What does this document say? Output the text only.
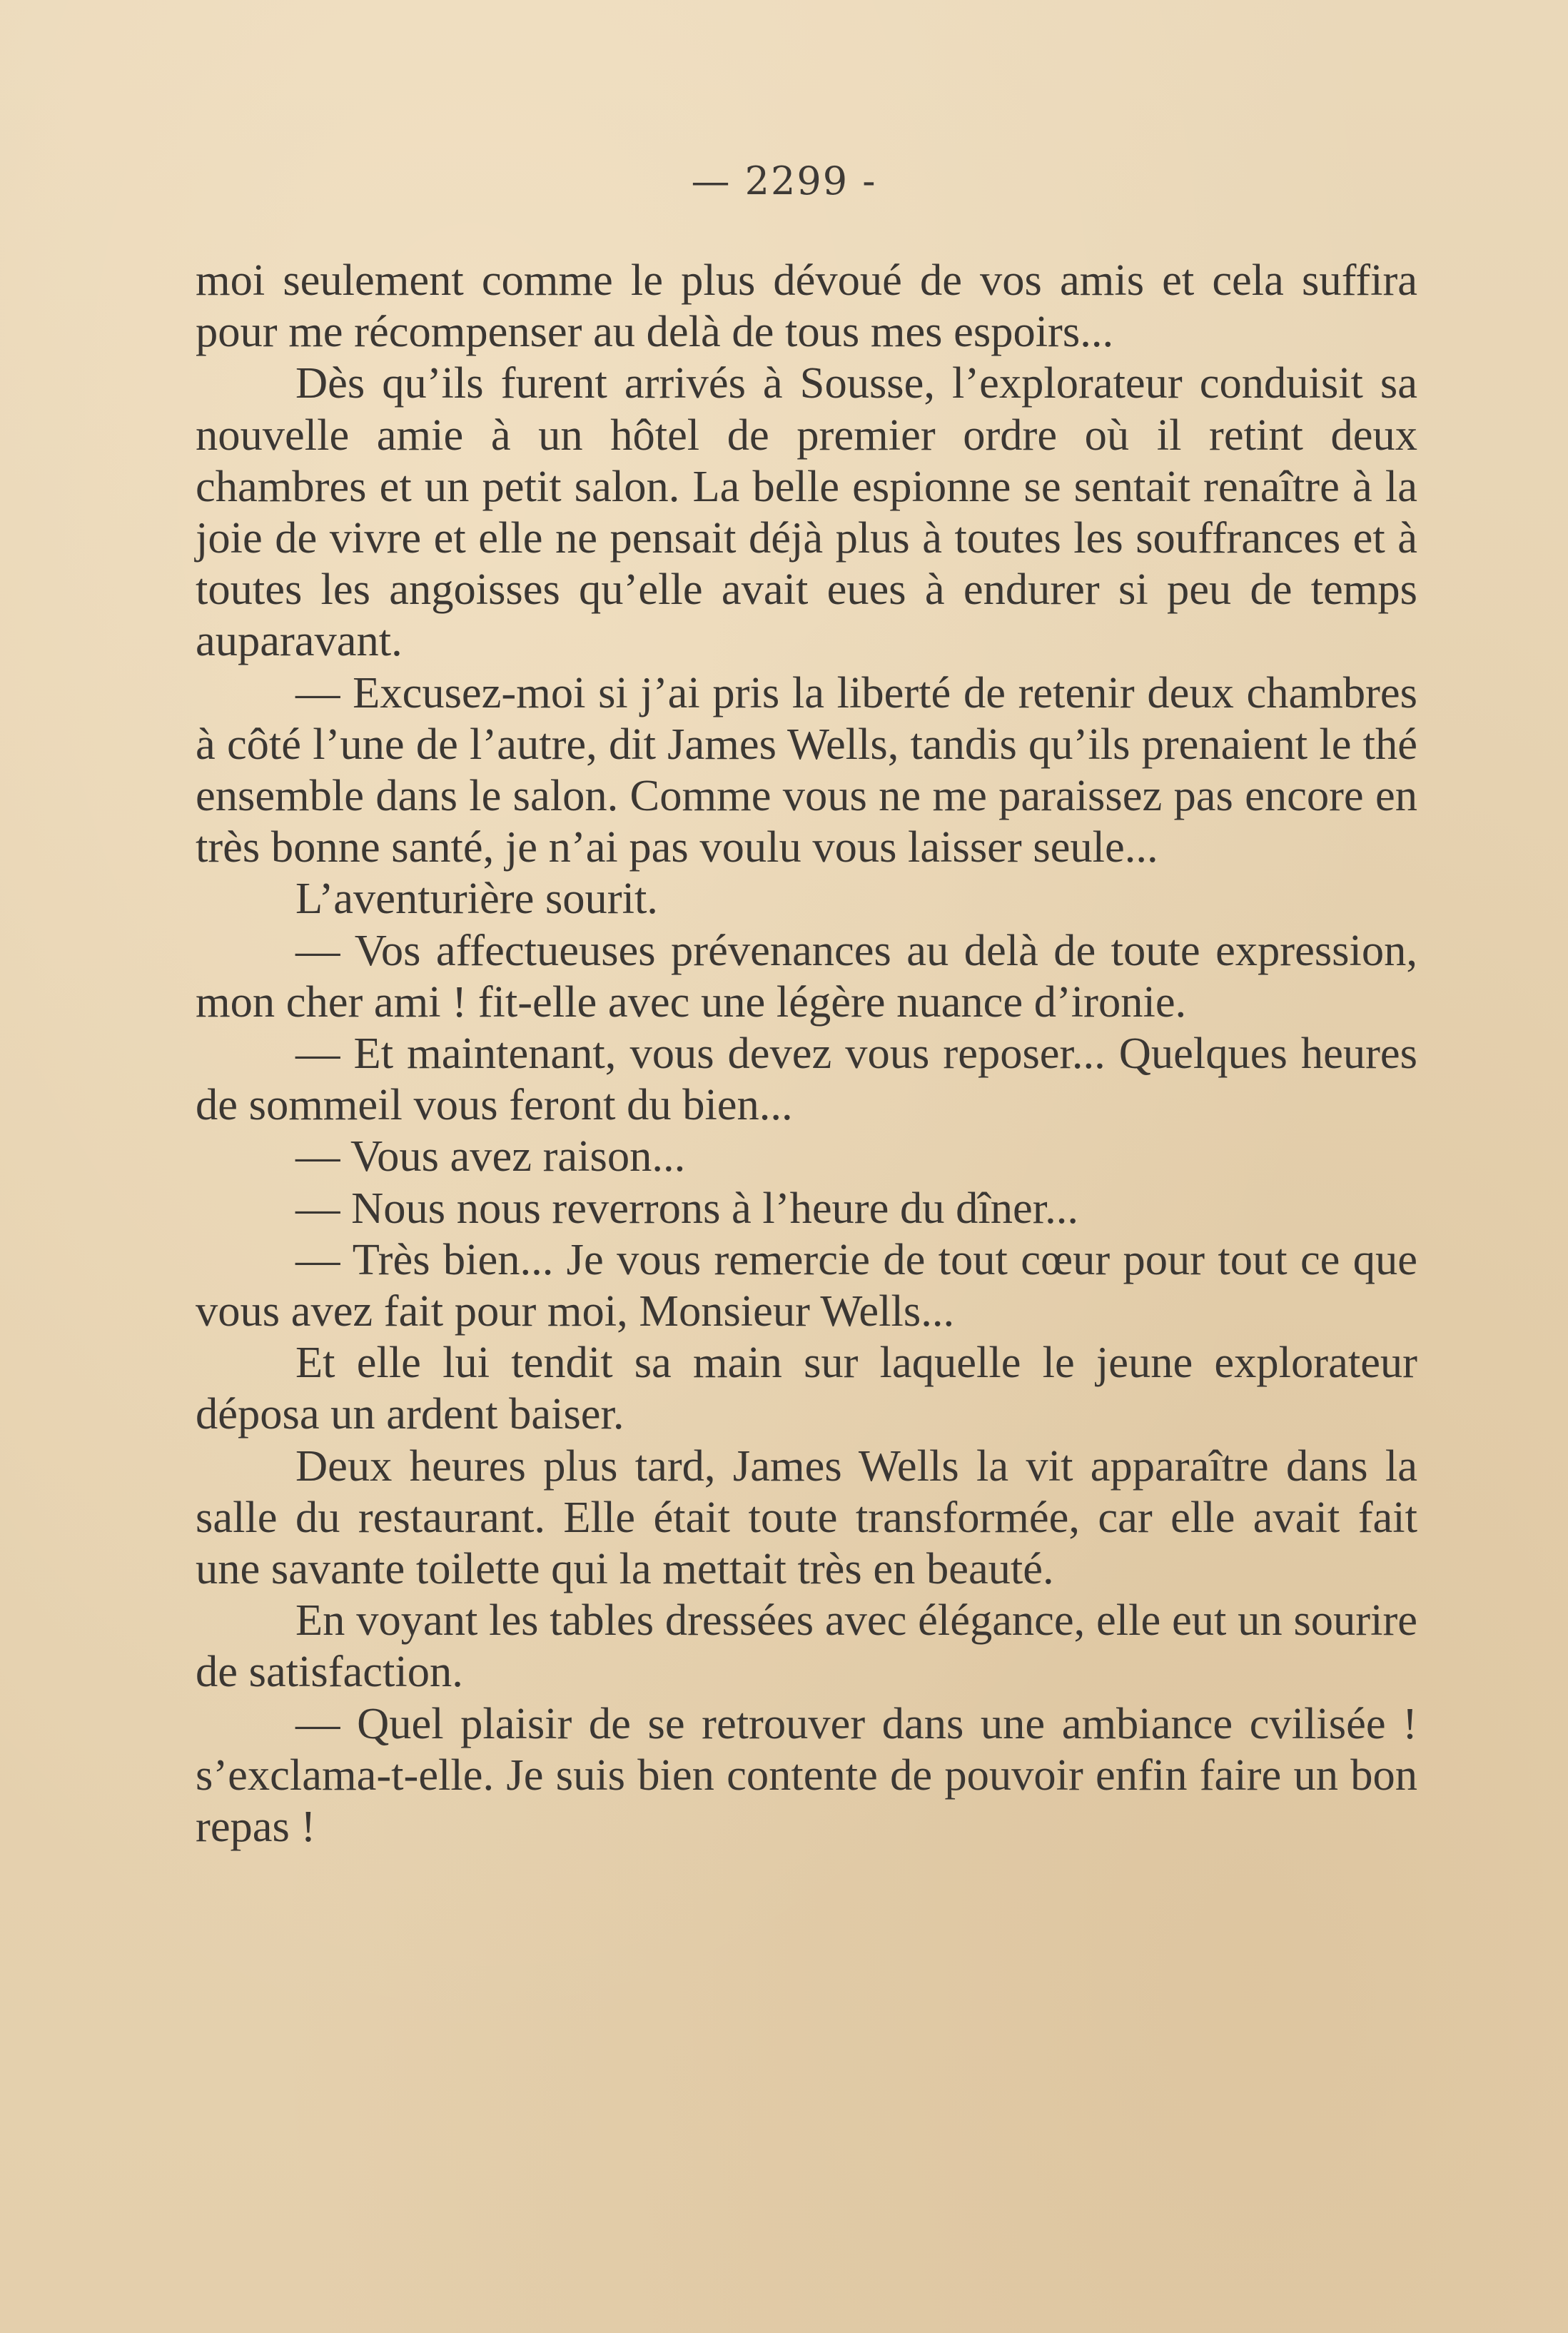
— 2299 -

moi seulement comme le plus dévoué de vos amis et cela suffira pour me récompenser au delà de tous mes espoirs...

Dès qu’ils furent arrivés à Sousse, l’explorateur conduisit sa nouvelle amie à un hôtel de premier ordre où il retint deux chambres et un petit salon. La belle espionne se sentait renaître à la joie de vivre et elle ne pensait déjà plus à toutes les souffrances et à toutes les angoisses qu’elle avait eues à endurer si peu de temps auparavant.

— Excusez-moi si j’ai pris la liberté de retenir deux chambres à côté l’une de l’autre, dit James Wells, tandis qu’ils prenaient le thé ensemble dans le salon. Comme vous ne me paraissez pas encore en très bonne santé, je n’ai pas voulu vous laisser seule...

L’aventurière sourit.

— Vos affectueuses prévenances au delà de toute expression, mon cher ami ! fit-elle avec une légère nuance d’ironie.

— Et maintenant, vous devez vous reposer... Quelques heures de sommeil vous feront du bien...

— Vous avez raison...

— Nous nous reverrons à l’heure du dîner...

— Très bien... Je vous remercie de tout cœur pour tout ce que vous avez fait pour moi, Monsieur Wells...

Et elle lui tendit sa main sur laquelle le jeune explorateur déposa un ardent baiser.

Deux heures plus tard, James Wells la vit apparaître dans la salle du restaurant. Elle était toute transformée, car elle avait fait une savante toilette qui la mettait très en beauté.

En voyant les tables dressées avec élégance, elle eut un sourire de satisfaction.

— Quel plaisir de se retrouver dans une ambiance cvilisée ! s’exclama-t-elle. Je suis bien contente de pouvoir enfin faire un bon repas !
